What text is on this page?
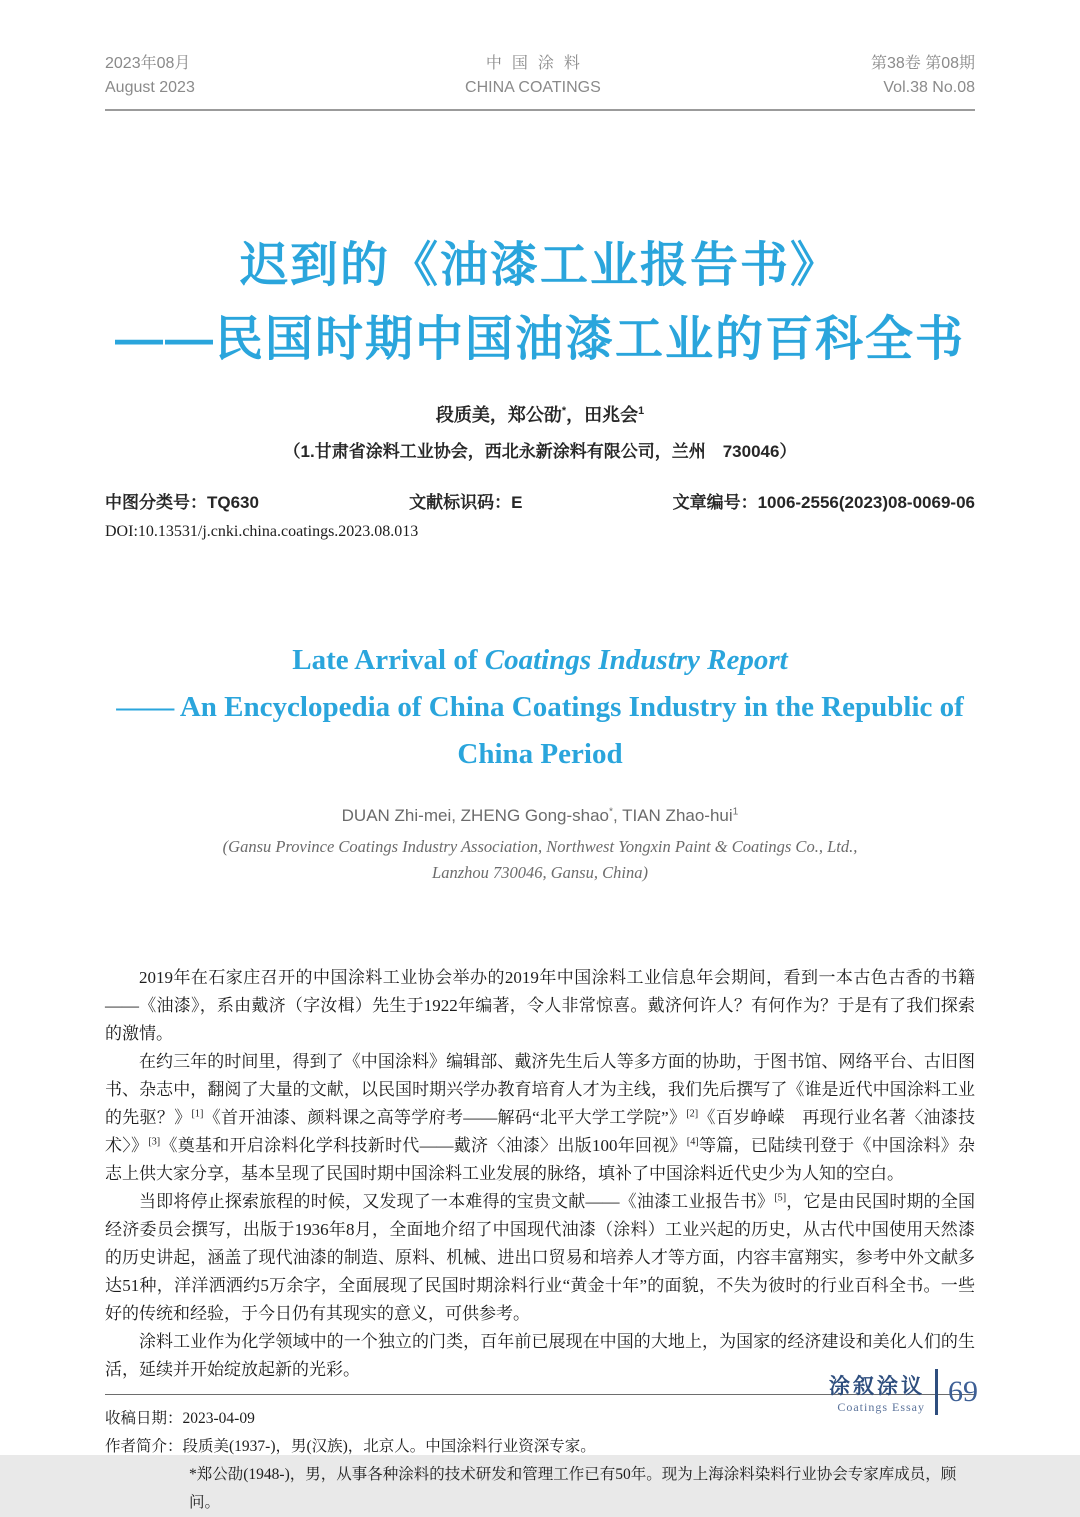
2023年08月
August 2023
中国涂料
CHINA COATINGS
第38卷 第08期
Vol.38 No.08
迟到的《油漆工业报告书》
——民国时期中国油漆工业的百科全书
段质美，郑公劭*，田兆会$^1$
（1.甘肃省涂料工业协会，西北永新涂料有限公司，兰州　730046）
中图分类号：TQ630	文献标识码：E	文章编号：1006-2556(2023)08-0069-06
DOI:10.13531/j.cnki.china.coatings.2023.08.013
Late Arrival of Coatings Industry Report
—— An Encyclopedia of China Coatings Industry in the Republic of
China Period
DUAN Zhi-mei, ZHENG Gong-shao*, TIAN Zhao-hui$^1$
(Gansu Province Coatings Industry Association, Northwest Yongxin Paint & Coatings Co., Ltd.,
Lanzhou 730046, Gansu, China)

2019年在石家庄召开的中国涂料工业协会举办的2019年中国涂料工业信息年会期间，看到一本古色古香的书籍——《油漆》，系由戴济（字汝楫）先生于1922年编著，令人非常惊喜。戴济何许人？有何作为？于是有了我们探索的激情。

在约三年的时间里，得到了《中国涂料》编辑部、戴济先生后人等多方面的协助，于图书馆、网络平台、古旧图书、杂志中，翻阅了大量的文献，以民国时期兴学办教育培育人才为主线，我们先后撰写了《谁是近代中国涂料工业的先驱？》[1]《首开油漆、颜料课之高等学府考——解码“北平大学工学院”》[2]《百岁峥嵘　再现行业名著〈油漆技术〉》[3]《奠基和开启涂料化学科技新时代——戴济〈油漆〉出版100年回视》[4]等篇，已陆续刊登于《中国涂料》杂志上供大家分享，基本呈现了民国时期中国涂料工业发展的脉络，填补了中国涂料近代史少为人知的空白。

当即将停止探索旅程的时候，又发现了一本难得的宝贵文献——《油漆工业报告书》[5]，它是由民国时期的全国经济委员会撰写，出版于1936年8月，全面地介绍了中国现代油漆（涂料）工业兴起的历史，从古代中国使用天然漆的历史讲起，涵盖了现代油漆的制造、原料、机械、进出口贸易和培养人才等方面，内容丰富翔实，参考中外文献多达51种，洋洋洒洒约5万余字，全面展现了民国时期涂料行业“黄金十年”的面貌，不失为彼时的行业百科全书。一些好的传统和经验，于今日仍有其现实的意义，可供参考。

涂料工业作为化学领域中的一个独立的门类，百年前已展现在中国的大地上，为国家的经济建设和美化人们的生活，延续并开始绽放起新的光彩。

收稿日期：2023-04-09
作者简介：段质美(1937-)，男(汉族)，北京人。中国涂料行业资深专家。
*郑公劭(1948-)，男，从事各种涂料的技术研发和管理工作已有50年。现为上海涂料染料行业协会专家库成员，顾问。
涂叙涂议
Coatings Essay 69
